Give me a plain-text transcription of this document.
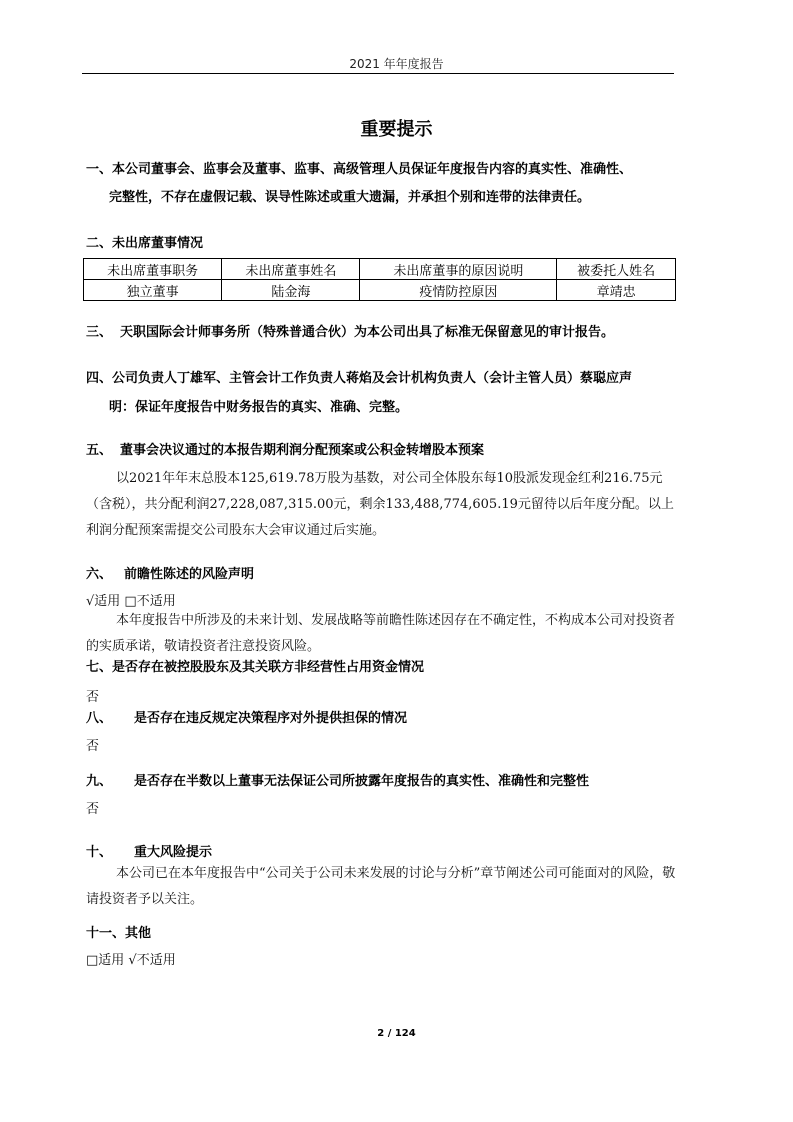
2021 年年度报告
重要提示
一、本公司董事会、监事会及董事、监事、高级管理人员保证年度报告内容的真实性、准确性、
完整性，不存在虚假记载、误导性陈述或重大遗漏，并承担个别和连带的法律责任。
二、未出席董事情况
未出席董事职务	未出席董事姓名	未出席董事的原因说明	被委托人姓名
独立董事	陆金海	疫情防控原因	章靖忠
三、 天职国际会计师事务所（特殊普通合伙）为本公司出具了标准无保留意见的审计报告。
四、公司负责人丁雄军、主管会计工作负责人蒋焰及会计机构负责人（会计主管人员）蔡聪应声
明：保证年度报告中财务报告的真实、准确、完整。
五、 董事会决议通过的本报告期利润分配预案或公积金转增股本预案
以2021年年末总股本125,619.78万股为基数，对公司全体股东每10股派发现金红利216.75元（含税），共分配利润27,228,087,315.00元，剩余133,488,774,605.19元留待以后年度分配。以上利润分配预案需提交公司股东大会审议通过后实施。
六、 前瞻性陈述的风险声明
√适用 □不适用
本年度报告中所涉及的未来计划、发展战略等前瞻性陈述因存在不确定性，不构成本公司对投资者的实质承诺，敬请投资者注意投资风险。
七、是否存在被控股股东及其关联方非经营性占用资金情况
否
八、 是否存在违反规定决策程序对外提供担保的情况
否
九、 是否存在半数以上董事无法保证公司所披露年度报告的真实性、准确性和完整性
否
十、 重大风险提示
本公司已在本年度报告中“公司关于公司未来发展的讨论与分析”章节阐述公司可能面对的风险，敬请投资者予以关注。
十一、其他
□适用 √不适用
2 / 124
